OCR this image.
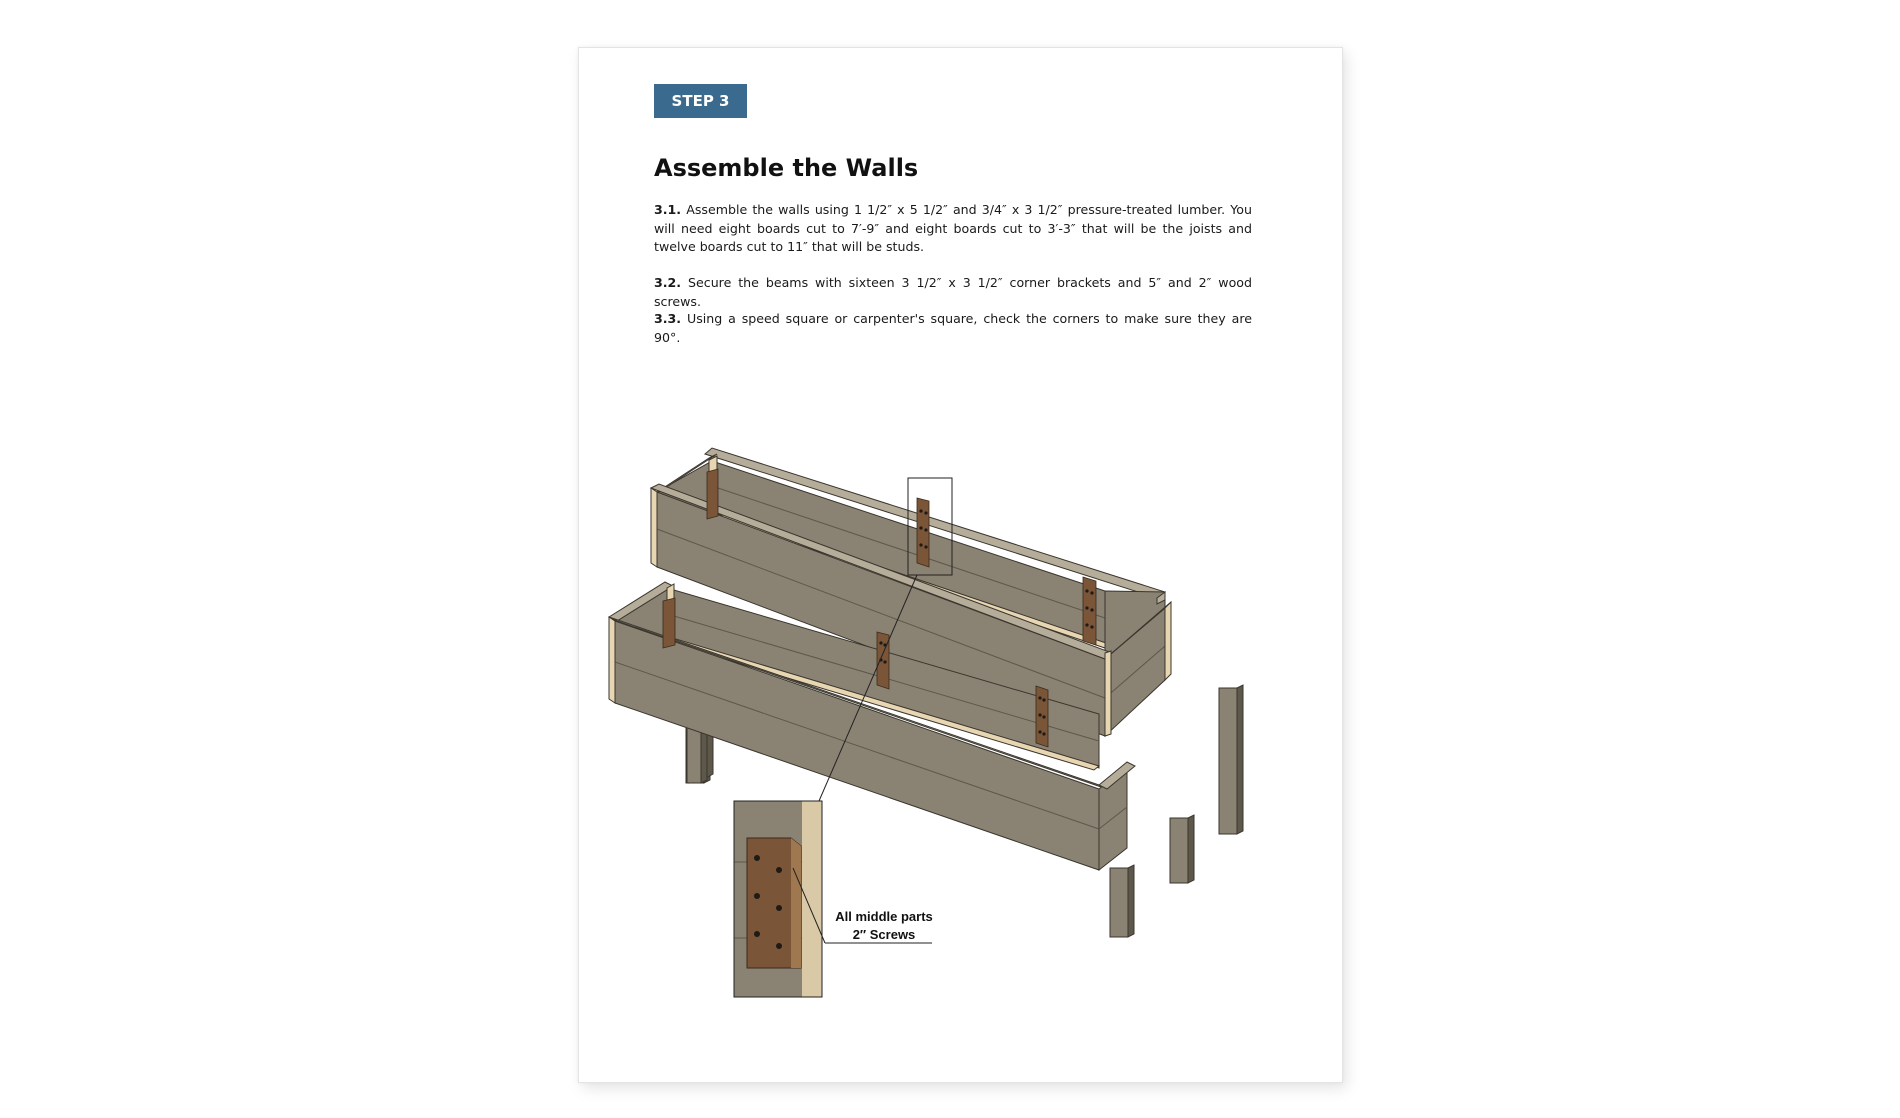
STEP 3
Assemble the Walls

3.1. Assemble the walls using 1 1/2″ x 5 1/2″ and 3/4″ x 3 1/2″ pressure-treated lumber. You will need eight boards cut to 7′-9″ and eight boards cut to 3′-3″ that will be the joists and twelve boards cut to 11″ that will be studs.

3.2. Secure the beams with sixteen 3 1/2″ x 3 1/2″ corner brackets and 5″ and 2″ wood screws.

3.3. Using a speed square or carpenter's square, check the corners to make sure they are 90°.

All middle parts
2″ Screws
